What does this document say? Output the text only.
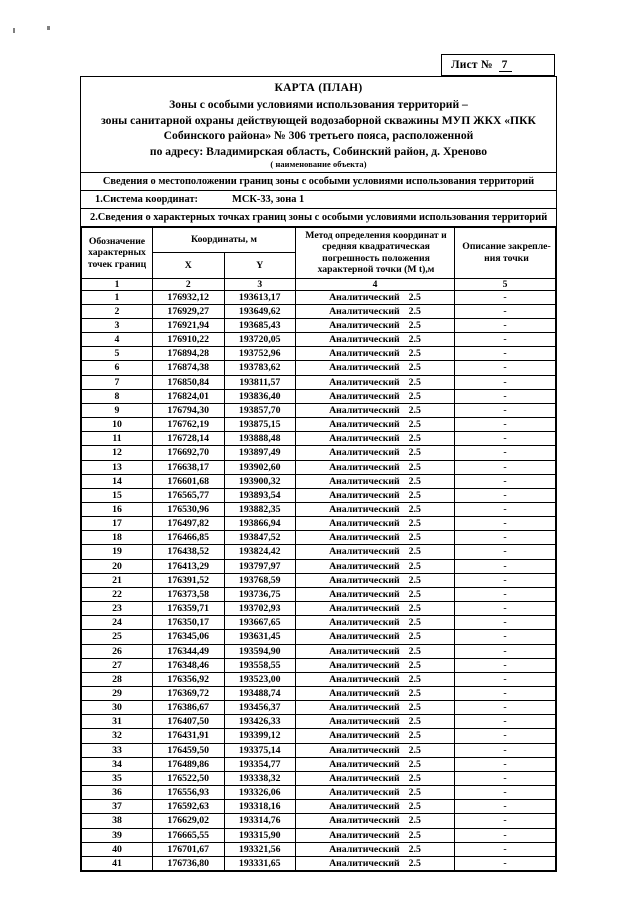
Лист № 7
КАРТА (ПЛАН)
Зоны с особыми условиями использования территорий –
зоны санитарной охраны действующей водозаборной скважины МУП ЖКХ «ПКК
Собинского района» № 306 третьего пояса, расположенной
по адресу: Владимирская область, Собинский район, д. Хреново
( наименование объекта)
Сведения о местоположении границ зоны с особыми условиями использования территорий
1.Система координат:	МСК-33, зона 1
2.Сведения о характерных точках границ зоны с особыми условиями использования территорий
Обозначение характерных точек границ	Координаты, м		Метод определения координат и средняя квадратическая погрешность положения характерной точки (M t),м	Описание закрепле-ния точки
	X	Y		
1	2	3	4	5
1	176932,12	193613,17	Аналитический 2.5	-
2	176929,27	193649,62	Аналитический 2.5	-
3	176921,94	193685,43	Аналитический 2.5	-
4	176910,22	193720,05	Аналитический 2.5	-
5	176894,28	193752,96	Аналитический 2.5	-
6	176874,38	193783,62	Аналитический 2.5	-
7	176850,84	193811,57	Аналитический 2.5	-
8	176824,01	193836,40	Аналитический 2.5	-
9	176794,30	193857,70	Аналитический 2.5	-
10	176762,19	193875,15	Аналитический 2.5	-
11	176728,14	193888,48	Аналитический 2.5	-
12	176692,70	193897,49	Аналитический 2.5	-
13	176638,17	193902,60	Аналитический 2.5	-
14	176601,68	193900,32	Аналитический 2.5	-
15	176565,77	193893,54	Аналитический 2.5	-
16	176530,96	193882,35	Аналитический 2.5	-
17	176497,82	193866,94	Аналитический 2.5	-
18	176466,85	193847,52	Аналитический 2.5	-
19	176438,52	193824,42	Аналитический 2.5	-
20	176413,29	193797,97	Аналитический 2.5	-
21	176391,52	193768,59	Аналитический 2.5	-
22	176373,58	193736,75	Аналитический 2.5	-
23	176359,71	193702,93	Аналитический 2.5	-
24	176350,17	193667,65	Аналитический 2.5	-
25	176345,06	193631,45	Аналитический 2.5	-
26	176344,49	193594,90	Аналитический 2.5	-
27	176348,46	193558,55	Аналитический 2.5	-
28	176356,92	193523,00	Аналитический 2.5	-
29	176369,72	193488,74	Аналитический 2.5	-
30	176386,67	193456,37	Аналитический 2.5	-
31	176407,50	193426,33	Аналитический 2.5	-
32	176431,91	193399,12	Аналитический 2.5	-
33	176459,50	193375,14	Аналитический 2.5	-
34	176489,86	193354,77	Аналитический 2.5	-
35	176522,50	193338,32	Аналитический 2.5	-
36	176556,93	193326,06	Аналитический 2.5	-
37	176592,63	193318,16	Аналитический 2.5	-
38	176629,02	193314,76	Аналитический 2.5	-
39	176665,55	193315,90	Аналитический 2.5	-
40	176701,67	193321,56	Аналитический 2.5	-
41	176736,80	193331,65	Аналитический 2.5	-
